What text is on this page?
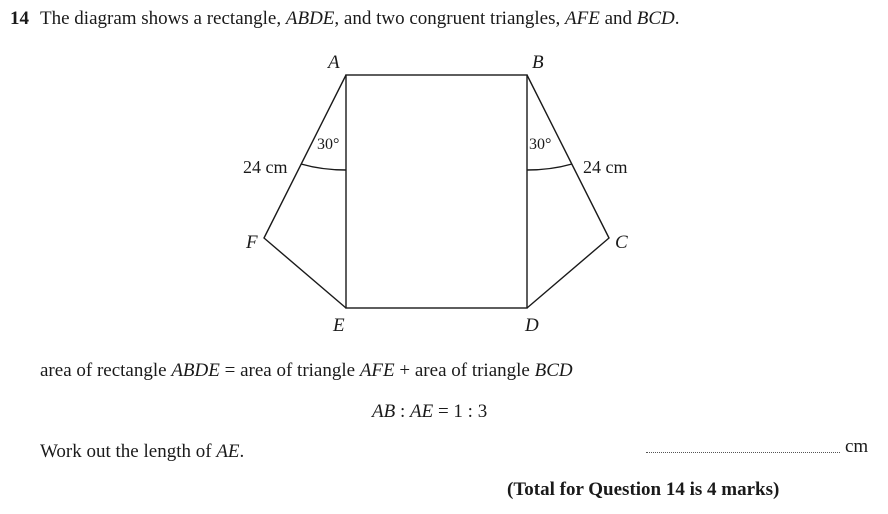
14 The diagram shows a rectangle, ABDE, and two congruent triangles, AFE and BCD.
A	B
C
D
E
F
24 cm	24 cm
30°	30°
area of rectangle ABDE = area of triangle AFE + area of triangle BCD
AB : AE = 1 : 3
Work out the length of AE.	cm
(Total for Question 14 is 4 marks)
